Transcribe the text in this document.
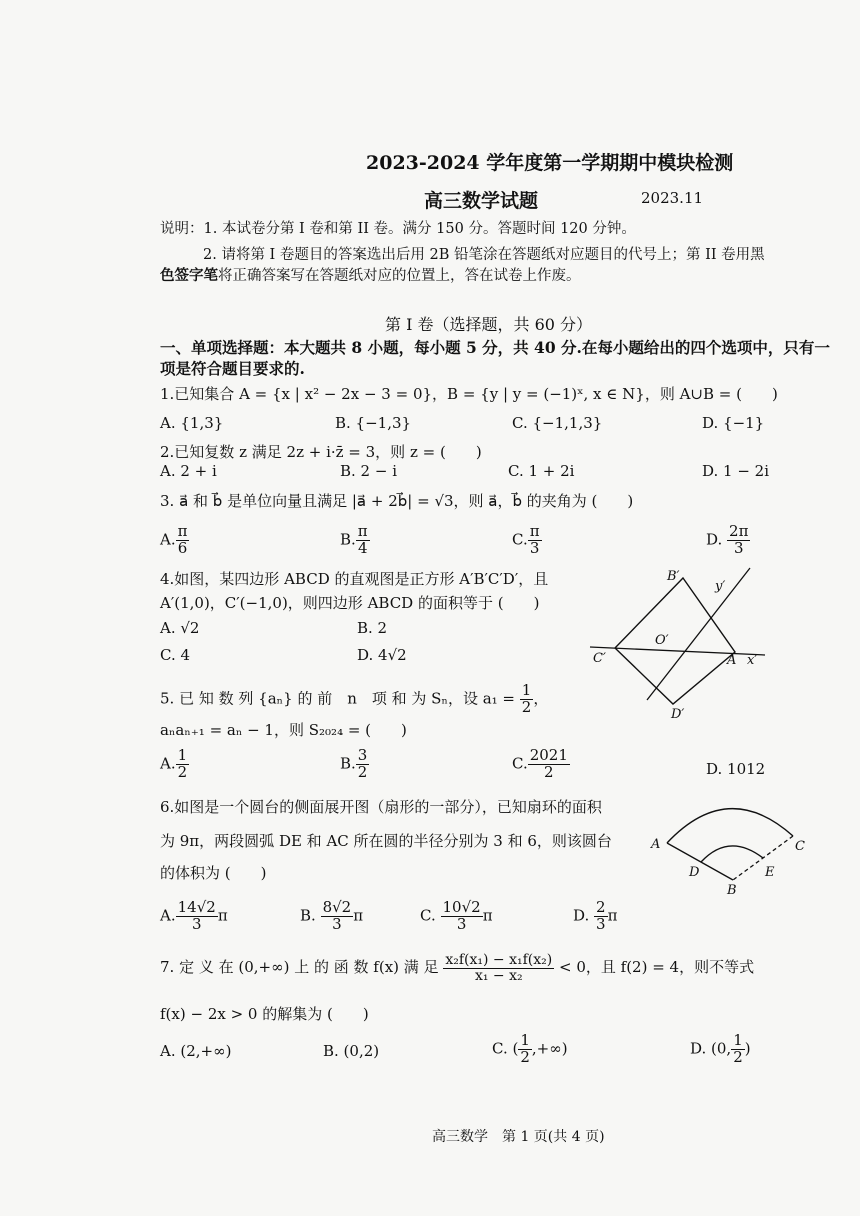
2023-2024 学年度第一学期期中模块检测
高三数学试题	2023.11
说明：1. 本试卷分第 I 卷和第 II 卷。满分 150 分。答题时间 120 分钟。
2. 请将第 I 卷题目的答案选出后用 2B 铅笔涂在答题纸对应题目的代号上；第 II 卷用黑
色签字笔将正确答案写在答题纸对应的位置上，答在试卷上作废。
第 I 卷（选择题，共 60 分）
一、单项选择题：本大题共 8 小题，每小题 5 分，共 40 分.在每小题给出的四个选项中，只有一
项是符合题目要求的.
1.已知集合 A = {x | x² − 2x − 3 = 0}，B = {y | y = (−1)ˣ, x ∈ N}，则 A∪B = (　　)
A. {1,3}	B. {−1,3}	C. {−1,1,3}	D. {−1}
2.已知复数 z 满足 2z + i·z̄ = 3，则 z = (　　)
A. 2 + i	B. 2 − i	C. 1 + 2i	D. 1 − 2i
3. a⃗ 和 b⃗ 是单位向量且满足 |a⃗ + 2b⃗| = √3，则 a⃗，b⃗ 的夹角为 (　　)
A. $\frac{\pi}{6}$	B. $\frac{\pi}{4}$	C. $\frac{\pi}{3}$	D. $\frac{2\pi}{3}$
4.如图，某四边形 ABCD 的直观图是正方形 A′B′C′D′，且
A′(1,0)，C′(−1,0)，则四边形 ABCD 的面积等于 (　　)
A. √2	B. 2
C. 4	D. 4√2
B′
y′
O′
C′	A x′
D′
5. 已 知 数 列 {aₙ} 的 前　n　项 和 为 Sₙ，设 $a_1 = \frac{1}{2}$ ，
aₙaₙ₊₁ = aₙ − 1，则 S₂₀₂₄ = (　　)
A. $\frac{1}{2}$	B. $\frac{3}{2}$	C. $\frac{2021}{2}$	D. 1012
6.如图是一个圆台的侧面展开图（扇形的一部分），已知扇环的面积
为 9π，两段圆弧 DE 和 AC 所在圆的半径分别为 3 和 6，则该圆台
的体积为 (　　)
A	C
D	E
B
A. $\frac{14√2}{3}$ π	B. $\frac{8√2}{3}$ π	C. $\frac{10√2}{3}$ π	D. $\frac{2}{3}$ π
7. 定 义 在 (0,+∞) 上 的 函 数 f(x) 满 足 $\frac{\text{x₂f(x₁) − x₁f(x₂)}}{\text{x₁ − x₂}} < 0$，且 f(2) = 4，则不等式
f(x) − 2x > 0 的解集为 (　　)
A. (2,+∞)	B. (0,2)	C. ( $\frac{1}{2}$ ,+∞)	D. (0, $\frac{1}{2}$ )
高三数学　第 1 页(共 4 页)
